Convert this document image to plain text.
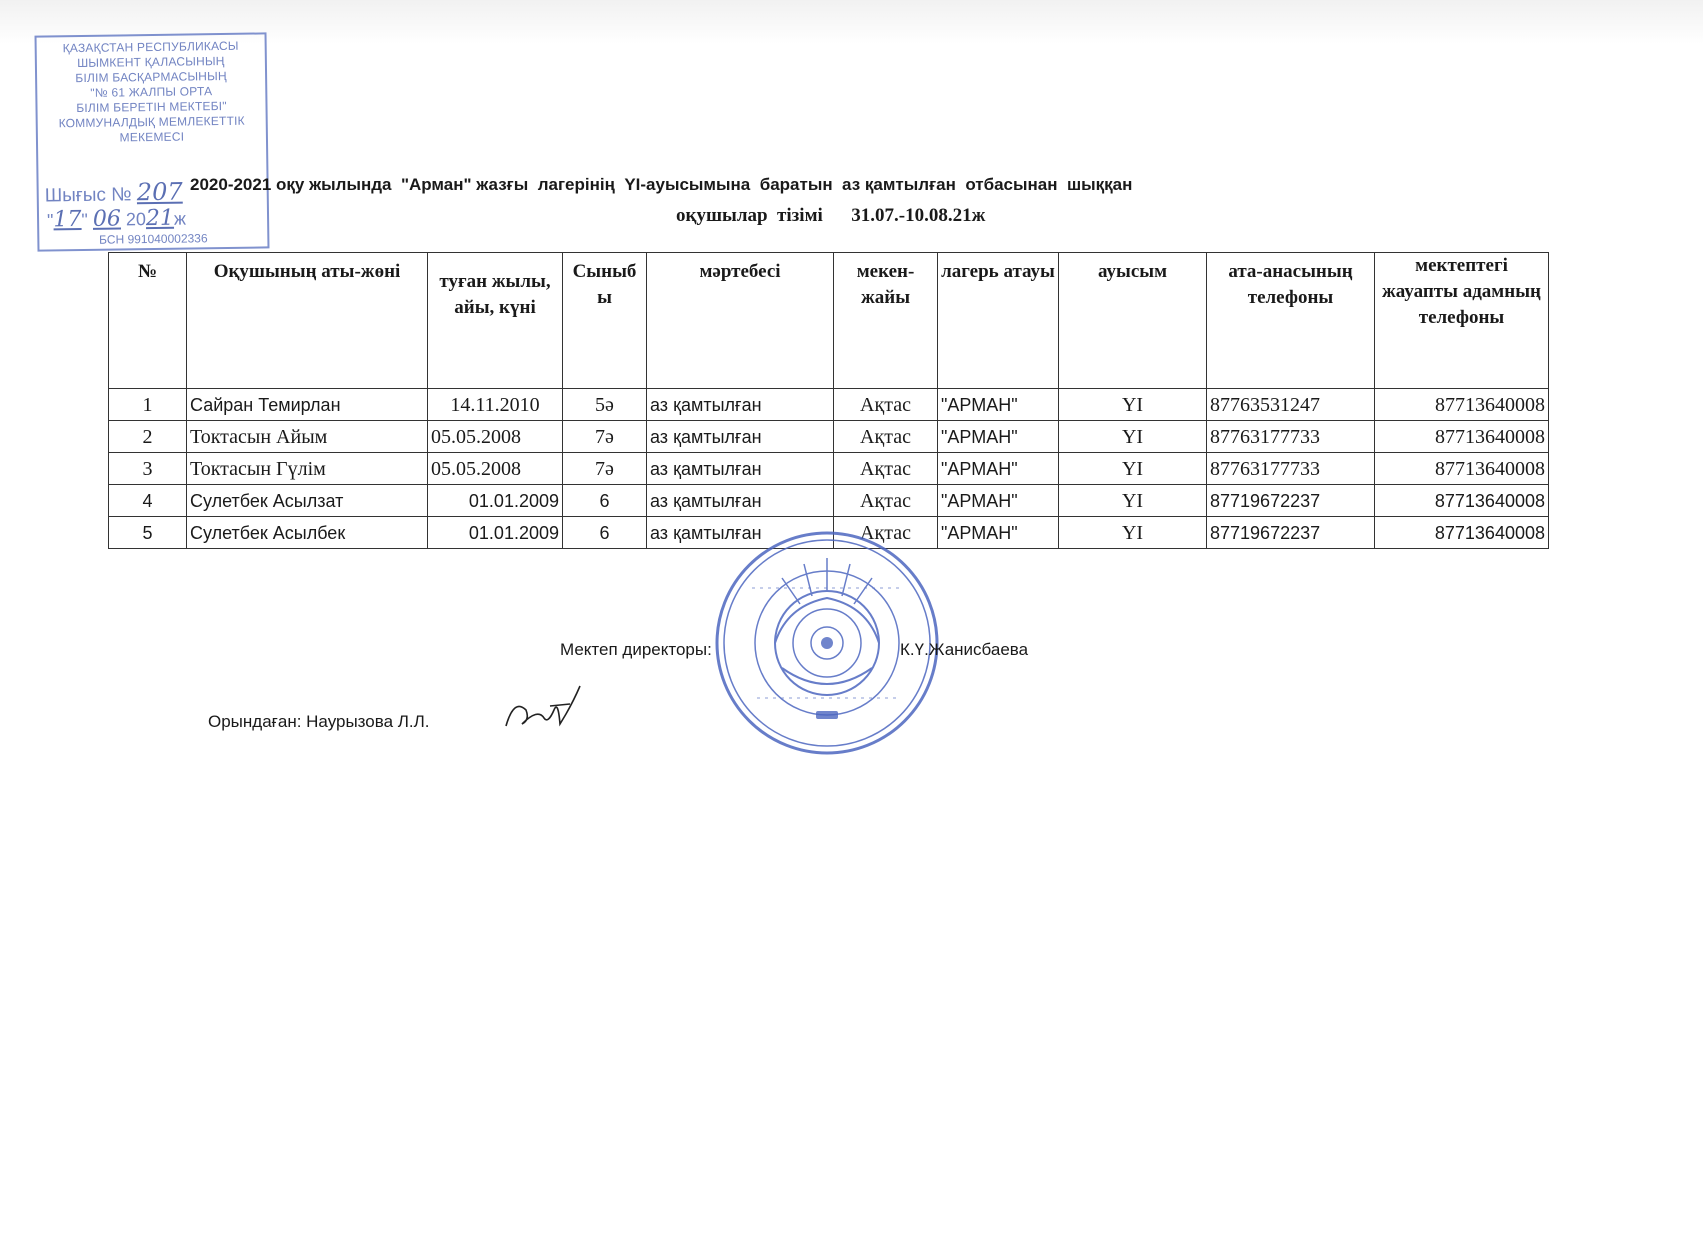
ҚАЗАҚСТАН РЕСПУБЛИКАСЫ
ШЫМКЕНТ ҚАЛАСЫНЫҢ
БІЛІМ БАСҚАРМАСЫНЫҢ
"№ 61 ЖАЛПЫ ОРТА
БІЛІМ БЕРЕТІН МЕКТЕБІ"
КОММУНАЛДЫҚ МЕМЛЕКЕТТІК
МЕКЕМЕСІ
Шығыс № 207
"17" 06 2021ж
БСН 991040002336
2020-2021 оқу жылында  "Арман" жазғы  лагерінің  YI-ауысымына  баратын  аз қамтылған  отбасынан  шыққан
оқушылар  тізімі      31.07.-10.08.21ж
№	Оқушының аты-жөні	туған жылы, айы, күні	Сыныбы	мәртебесі	мекен-жайы	лагерь атауы	ауысым	ата-анасының телефоны	мектептегі жауапты адамның телефоны
1	Сайран Темирлан	14.11.2010	5ә	аз қамтылған	Ақтас	"АРМАН"	YI	87763531247	87713640008
2	Токтасын Айым	05.05.2008	7ә	аз қамтылған	Ақтас	"АРМАН"	YI	87763177733	87713640008
3	Токтасын Гүлім	05.05.2008	7ә	аз қамтылған	Ақтас	"АРМАН"	YI	87763177733	87713640008
4	Сулетбек Асылзат	01.01.2009	6	аз қамтылған	Ақтас	"АРМАН"	YI	87719672237	87713640008
5	Сулетбек Асылбек	01.01.2009	6	аз қамтылған	Ақтас	"АРМАН"	YI	87719672237	87713640008
Мектеп директоры:	К.Ү.Жанисбаева
Орындаған: Наурызова Л.Л.
